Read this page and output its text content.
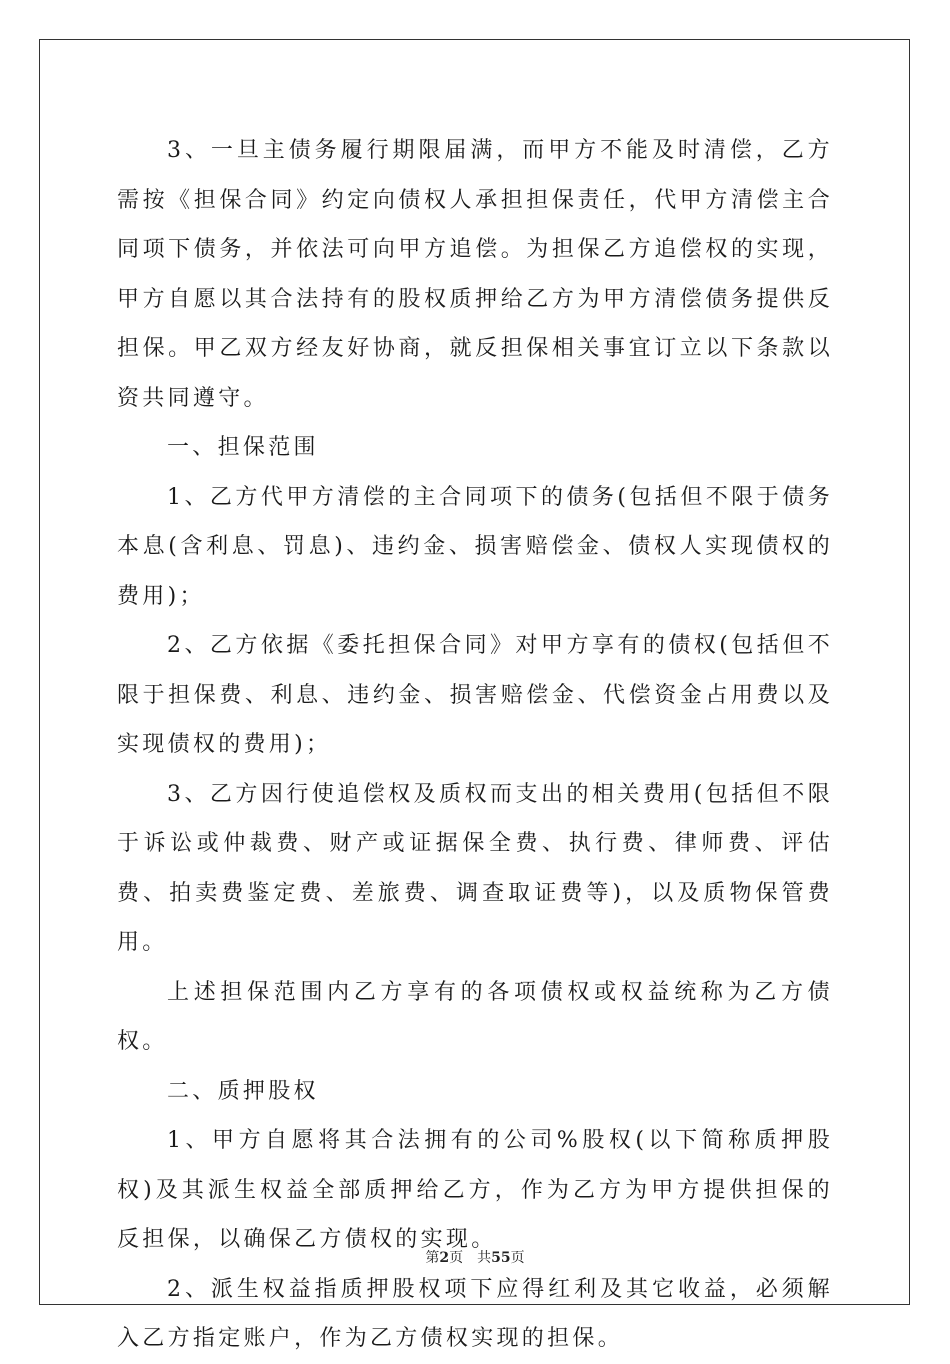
3、一旦主债务履行期限届满，而甲方不能及时清偿，乙方需按《担保合同》约定向债权人承担担保责任，代甲方清偿主合同项下债务，并依法可向甲方追偿。为担保乙方追偿权的实现，甲方自愿以其合法持有的股权质押给乙方为甲方清偿债务提供反担保。甲乙双方经友好协商，就反担保相关事宜订立以下条款以资共同遵守。

一、担保范围

1、乙方代甲方清偿的主合同项下的债务(包括但不限于债务本息(含利息、罚息)、违约金、损害赔偿金、债权人实现债权的费用)；

2、乙方依据《委托担保合同》对甲方享有的债权(包括但不限于担保费、利息、违约金、损害赔偿金、代偿资金占用费以及实现债权的费用)；

3、乙方因行使追偿权及质权而支出的相关费用(包括但不限于诉讼或仲裁费、财产或证据保全费、执行费、律师费、评估费、拍卖费鉴定费、差旅费、调查取证费等)，以及质物保管费用。

上述担保范围内乙方享有的各项债权或权益统称为乙方债权。

二、质押股权

1、甲方自愿将其合法拥有的公司%股权(以下简称质押股权)及其派生权益全部质押给乙方，作为乙方为甲方提供担保的反担保，以确保乙方债权的实现。

2、派生权益指质押股权项下应得红利及其它收益，必须解入乙方指定账户，作为乙方债权实现的担保。

第2页 共55页
